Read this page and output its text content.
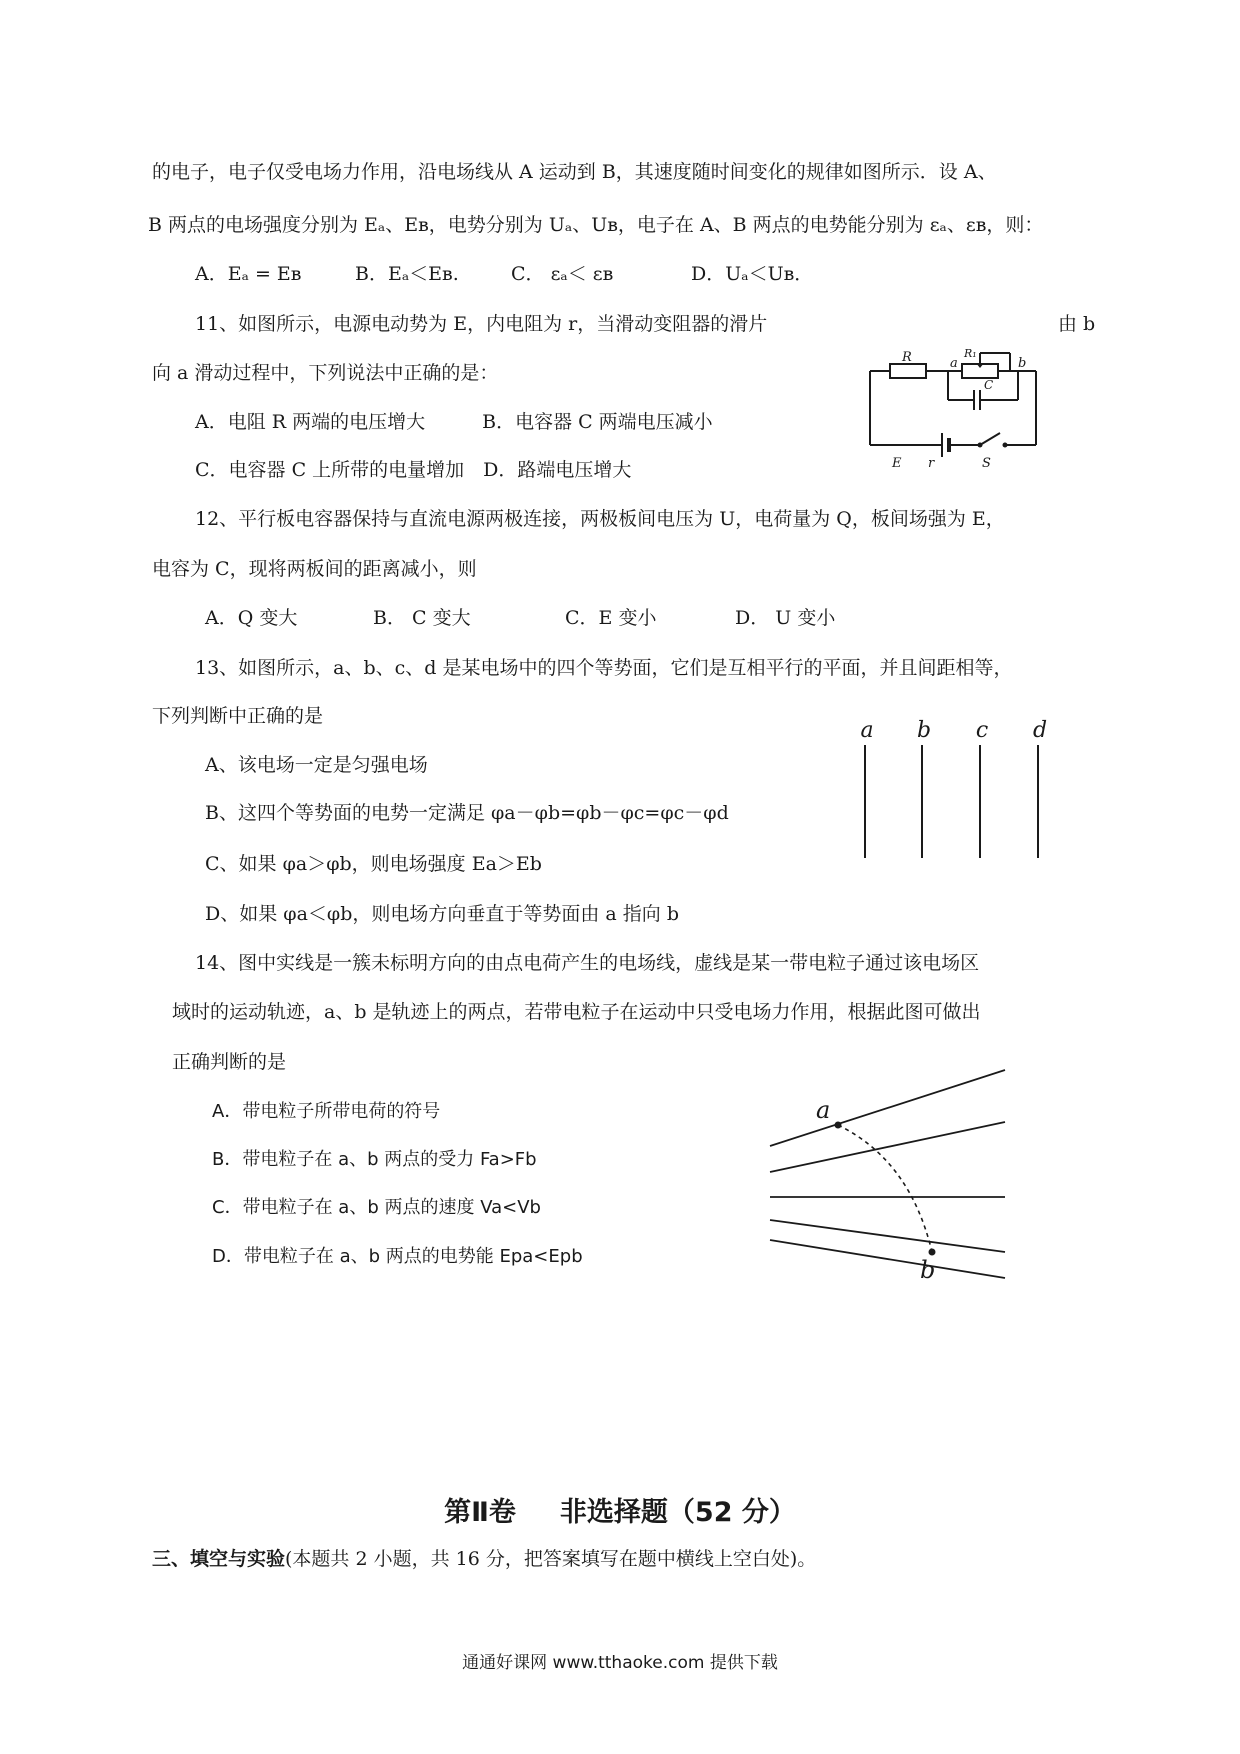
的电子，电子仅受电场力作用，沿电场线从 A 运动到 B，其速度随时间变化的规律如图所示．设 A、
B 两点的电场强度分别为 Eₐ、Eʙ，电势分别为 Uₐ、Uʙ，电子在 A、B 两点的电势能分别为 εₐ、εʙ，则：
A．Eₐ = Eʙ	B．Eₐ＜Eʙ.	C． εₐ＜ εʙ	D．Uₐ＜Uʙ．
11、如图所示，电源电动势为 E，内电阻为 r，当滑动变阻器的滑片	由 b
向 a 滑动过程中，下列说法中正确的是：
A．电阻 R 两端的电压增大　　　B．电容器 C 两端电压减小
C．电容器 C 上所带的电量增加　D．路端电压增大
R	a
R₁
b
C
E r	S
12、平行板电容器保持与直流电源两极连接，两极板间电压为 U，电荷量为 Q，板间场强为 E，
电容为 C，现将两板间的距离减小，则
A．Q 变大	B． C 变大	C．E 变小	D． U 变小
13、如图所示，a、b、c、d 是某电场中的四个等势面，它们是互相平行的平面，并且间距相等，
下列判断中正确的是
A、该电场一定是匀强电场
B、这四个等势面的电势一定满足 φa－φb=φb－φc=φc－φd
C、如果 φa＞φb，则电场强度 Ea＞Eb
D、如果 φa＜φb，则电场方向垂直于等势面由 a 指向 b
a b c d
14、图中实线是一簇未标明方向的由点电荷产生的电场线，虚线是某一带电粒子通过该电场区
域时的运动轨迹，a、b 是轨迹上的两点，若带电粒子在运动中只受电场力作用，根据此图可做出
正确判断的是
A．带电粒子所带电荷的符号
B．带电粒子在 a、b 两点的受力 Fa>Fb
C．带电粒子在 a、b 两点的速度 Va<Vb
D．带电粒子在 a、b 两点的电势能 Epa<Epb
a
b
第Ⅱ卷 非选择题（52 分）
三、填空与实验(本题共 2 小题，共 16 分，把答案填写在题中横线上空白处)。
通通好课网 www.tthaoke.com 提供下载
